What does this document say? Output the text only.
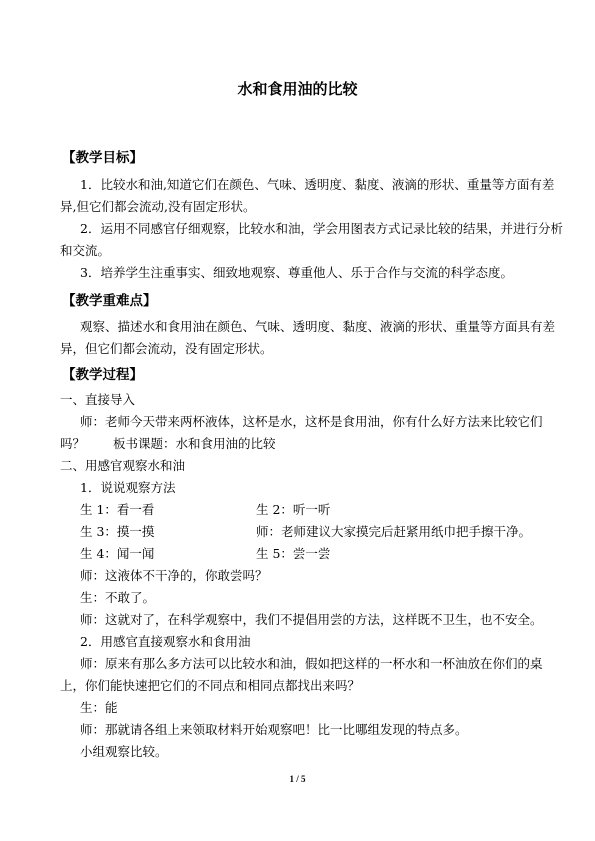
水和食用油的比较
【教学目标】
1．比较水和油,知道它们在颜色、气味、透明度、黏度、液滴的形状、重量等方面有差
异,但它们都会流动,没有固定形状。
2．运用不同感官仔细观察，比较水和油，学会用图表方式记录比较的结果，并进行分析
和交流。
3．培养学生注重事实、细致地观察、尊重他人、乐于合作与交流的科学态度。
【教学重难点】
观察、描述水和食用油在颜色、气味、透明度、黏度、液滴的形状、重量等方面具有差
异，但它们都会流动，没有固定形状。
【教学过程】
一、直接导入
师：老师今天带来两杯液体，这杯是水，这杯是食用油，你有什么好方法来比较它们
吗？ 板书课题：水和食用油的比较
二、用感官观察水和油
1．说说观察方法
生 1：看一看	生 2：听一听
生 3：摸一摸	师：老师建议大家摸完后赶紧用纸巾把手擦干净。
生 4：闻一闻	生 5：尝一尝
师：这液体不干净的，你敢尝吗？
生：不敢了。
师：这就对了，在科学观察中，我们不提倡用尝的方法，这样既不卫生，也不安全。
2．用感官直接观察水和食用油
师：原来有那么多方法可以比较水和油，假如把这样的一杯水和一杯油放在你们的桌
上，你们能快速把它们的不同点和相同点都找出来吗？
生：能
师：那就请各组上来领取材料开始观察吧！比一比哪组发现的特点多。
小组观察比较。
1 / 5
